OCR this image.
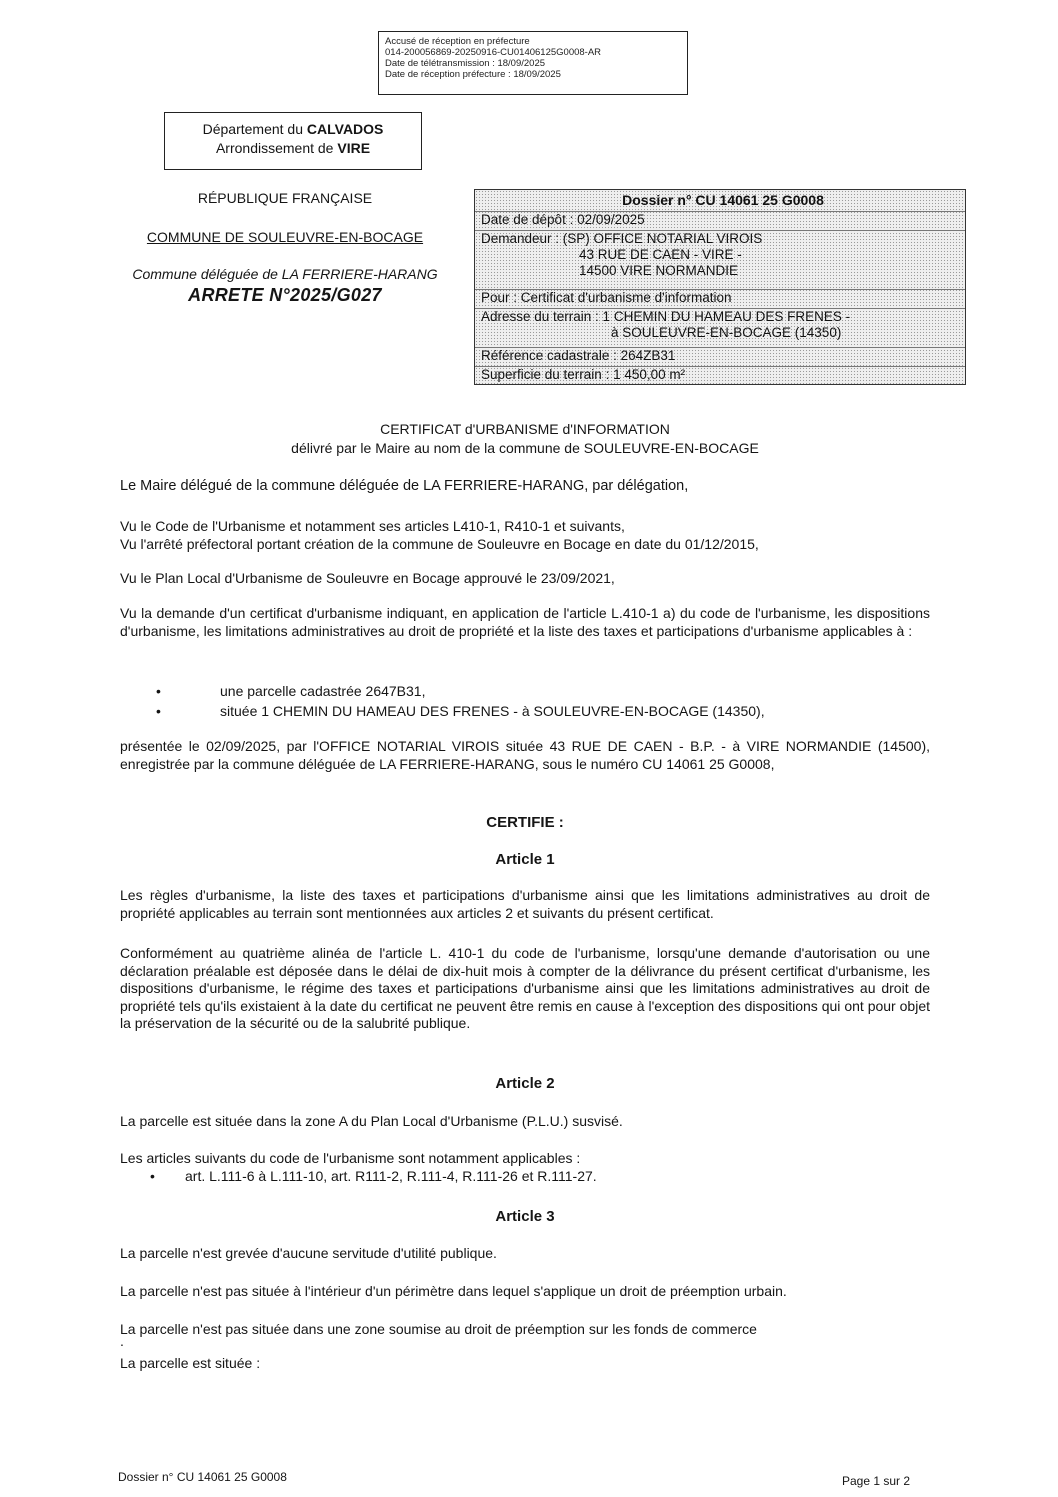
Accusé de réception en préfecture
014-200056869-20250916-CU01406125G0008-AR
Date de télétransmission : 18/09/2025
Date de réception préfecture : 18/09/2025
Département du CALVADOS
Arrondissement de VIRE
RÉPUBLIQUE FRANÇAISE
COMMUNE DE SOULEUVRE-EN-BOCAGE
Commune déléguée de LA FERRIERE-HARANG
ARRETE N°2025/G027
Dossier n° CU 14061 25 G0008
Date de dépôt : 02/09/2025
Demandeur : (SP) OFFICE NOTARIAL VIROIS
43 RUE DE CAEN - VIRE -
14500 VIRE NORMANDIE
Pour : Certificat d'urbanisme d'information
Adresse du terrain : 1 CHEMIN DU HAMEAU DES FRENES -
à SOULEUVRE-EN-BOCAGE (14350)
Référence cadastrale : 264ZB31
Superficie du terrain : 1 450,00 m²
CERTIFICAT d'URBANISME d'INFORMATION
délivré par le Maire au nom de la commune de SOULEUVRE-EN-BOCAGE
Le Maire délégué de la commune déléguée de LA FERRIERE-HARANG, par délégation,

Vu le Code de l'Urbanisme et notamment ses articles L410-1, R410-1 et suivants,

Vu l'arrêté préfectoral portant création de la commune de Souleuvre en Bocage en date du 01/12/2015,

Vu le Plan Local d'Urbanisme de Souleuvre en Bocage approuvé le 23/09/2021,
Vu la demande d'un certificat d'urbanisme indiquant, en application de l'article L.410-1 a) du code de l'urbanisme, les dispositions d'urbanisme, les limitations administratives au droit de propriété et la liste des taxes et participations d'urbanisme applicables à :
•	une parcelle cadastrée 2647B31,
•	située 1 CHEMIN DU HAMEAU DES FRENES - à SOULEUVRE-EN-BOCAGE (14350),
présentée le 02/09/2025, par l'OFFICE NOTARIAL VIROIS située 43 RUE DE CAEN - B.P. - à VIRE NORMANDIE (14500), enregistrée par la commune déléguée de LA FERRIERE-HARANG, sous le numéro CU 14061 25 G0008,
CERTIFIE :
Article 1
Les règles d'urbanisme, la liste des taxes et participations d'urbanisme ainsi que les limitations administratives au droit de propriété applicables au terrain sont mentionnées aux articles 2 et suivants du présent certificat.
Conformément au quatrième alinéa de l'article L. 410-1 du code de l'urbanisme, lorsqu'une demande d'autorisation ou une déclaration préalable est déposée dans le délai de dix-huit mois à compter de la délivrance du présent certificat d'urbanisme, les dispositions d'urbanisme, le régime des taxes et participations d'urbanisme ainsi que les limitations administratives au droit de propriété tels qu'ils existaient à la date du certificat ne peuvent être remis en cause à l'exception des dispositions qui ont pour objet la préservation de la sécurité ou de la salubrité publique.
Article 2
La parcelle est située dans la zone A du Plan Local d'Urbanisme (P.L.U.) susvisé.
Les articles suivants du code de l'urbanisme sont notamment applicables :
• art. L.111-6 à L.111-10, art. R111-2, R.111-4, R.111-26 et R.111-27.
Article 3
La parcelle n'est grevée d'aucune servitude d'utilité publique.
La parcelle n'est pas située à l'intérieur d'un périmètre dans lequel s'applique un droit de préemption urbain.
La parcelle n'est pas située dans une zone soumise au droit de préemption sur les fonds de commerce
.
La parcelle est située :
Dossier n° CU 14061 25 G0008	Page 1 sur 2
